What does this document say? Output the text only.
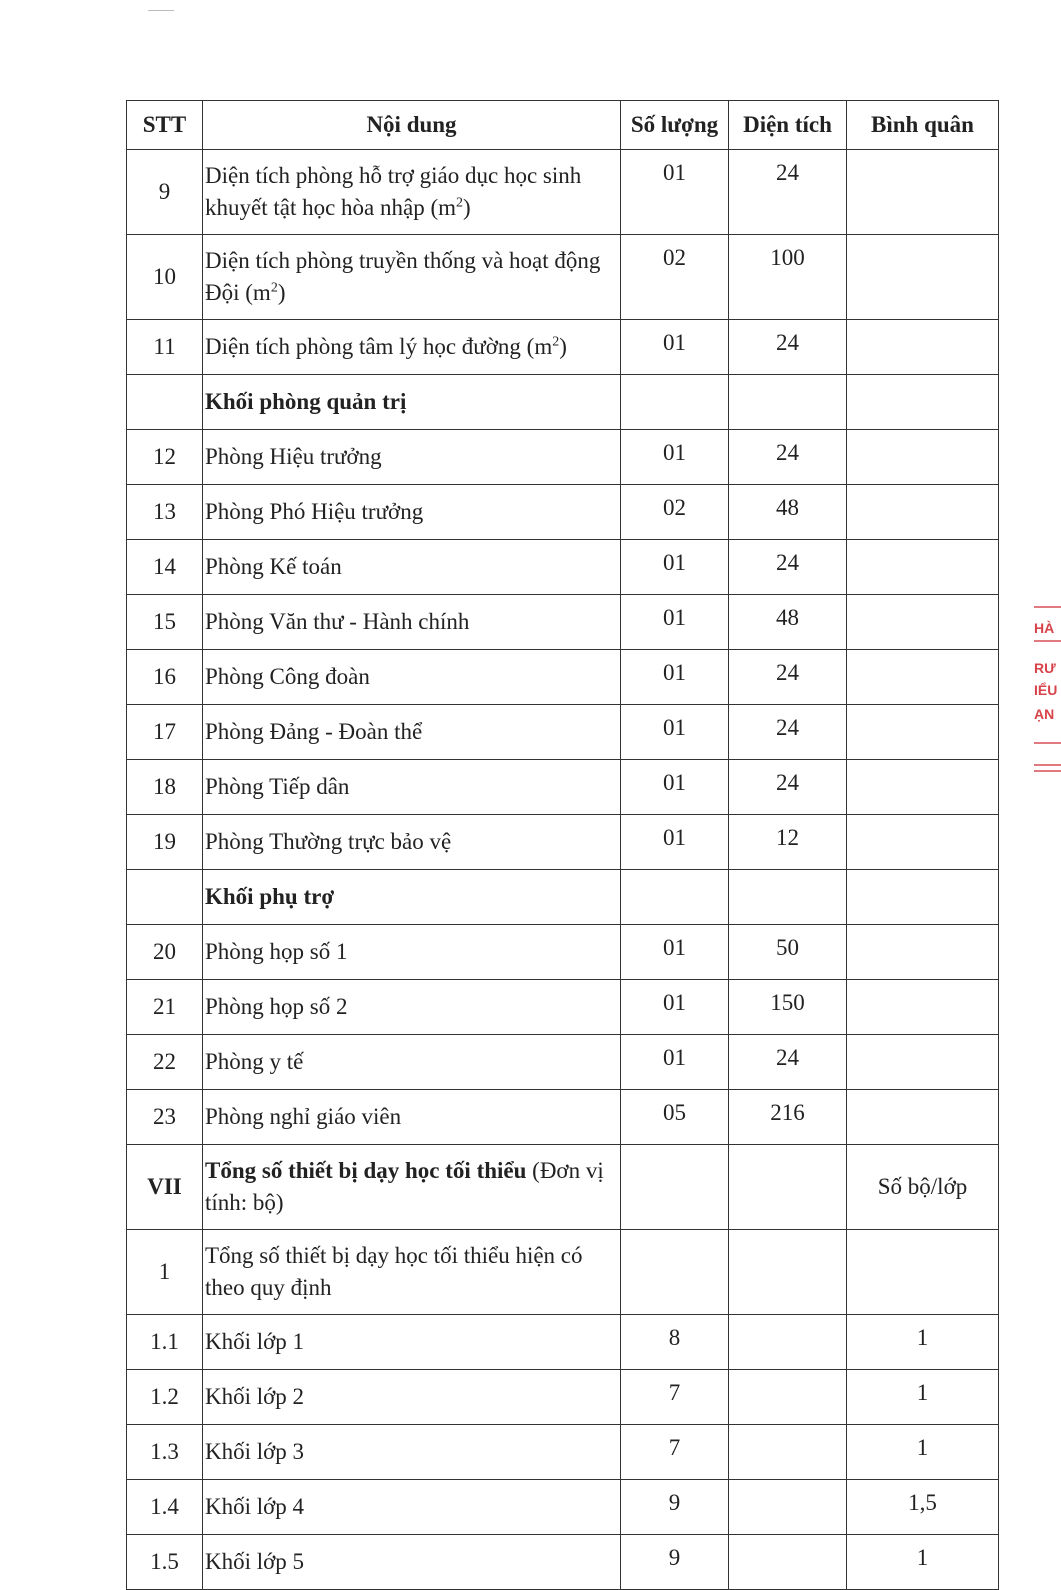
STT	Nội dung	Số lượng	Diện tích	Bình quân
9	Diện tích phòng hỗ trợ giáo dục học sinh khuyết tật học hòa nhập $(m^2)$	01	24	
10	Diện tích phòng truyền thống và hoạt động Đội $(m^2)$	02	100	
11	Diện tích phòng tâm lý học đường $(m^2)$	01	24	
	Khối phòng quản trị			
12	Phòng Hiệu trưởng	01	24	
13	Phòng Phó Hiệu trưởng	02	48	
14	Phòng Kế toán	01	24	
15	Phòng Văn thư - Hành chính	01	48	
16	Phòng Công đoàn	01	24	
17	Phòng Đảng - Đoàn thể	01	24	
18	Phòng Tiếp dân	01	24	
19	Phòng Thường trực bảo vệ	01	12	
	Khối phụ trợ			
20	Phòng họp số 1	01	50	
21	Phòng họp số 2	01	150	
22	Phòng y tế	01	24	
23	Phòng nghỉ giáo viên	05	216	
VII	Tổng số thiết bị dạy học tối thiểu (Đơn vị tính: bộ)			Số bộ/lớp
1	Tổng số thiết bị dạy học tối thiểu hiện có theo quy định			
1.1	Khối lớp 1	8		1
1.2	Khối lớp 2	7		1
1.3	Khối lớp 3	7		1
1.4	Khối lớp 4	9		1,5
1.5	Khối lớp 5	9		1
HÀ
RƯ
IỂU
ẠN
